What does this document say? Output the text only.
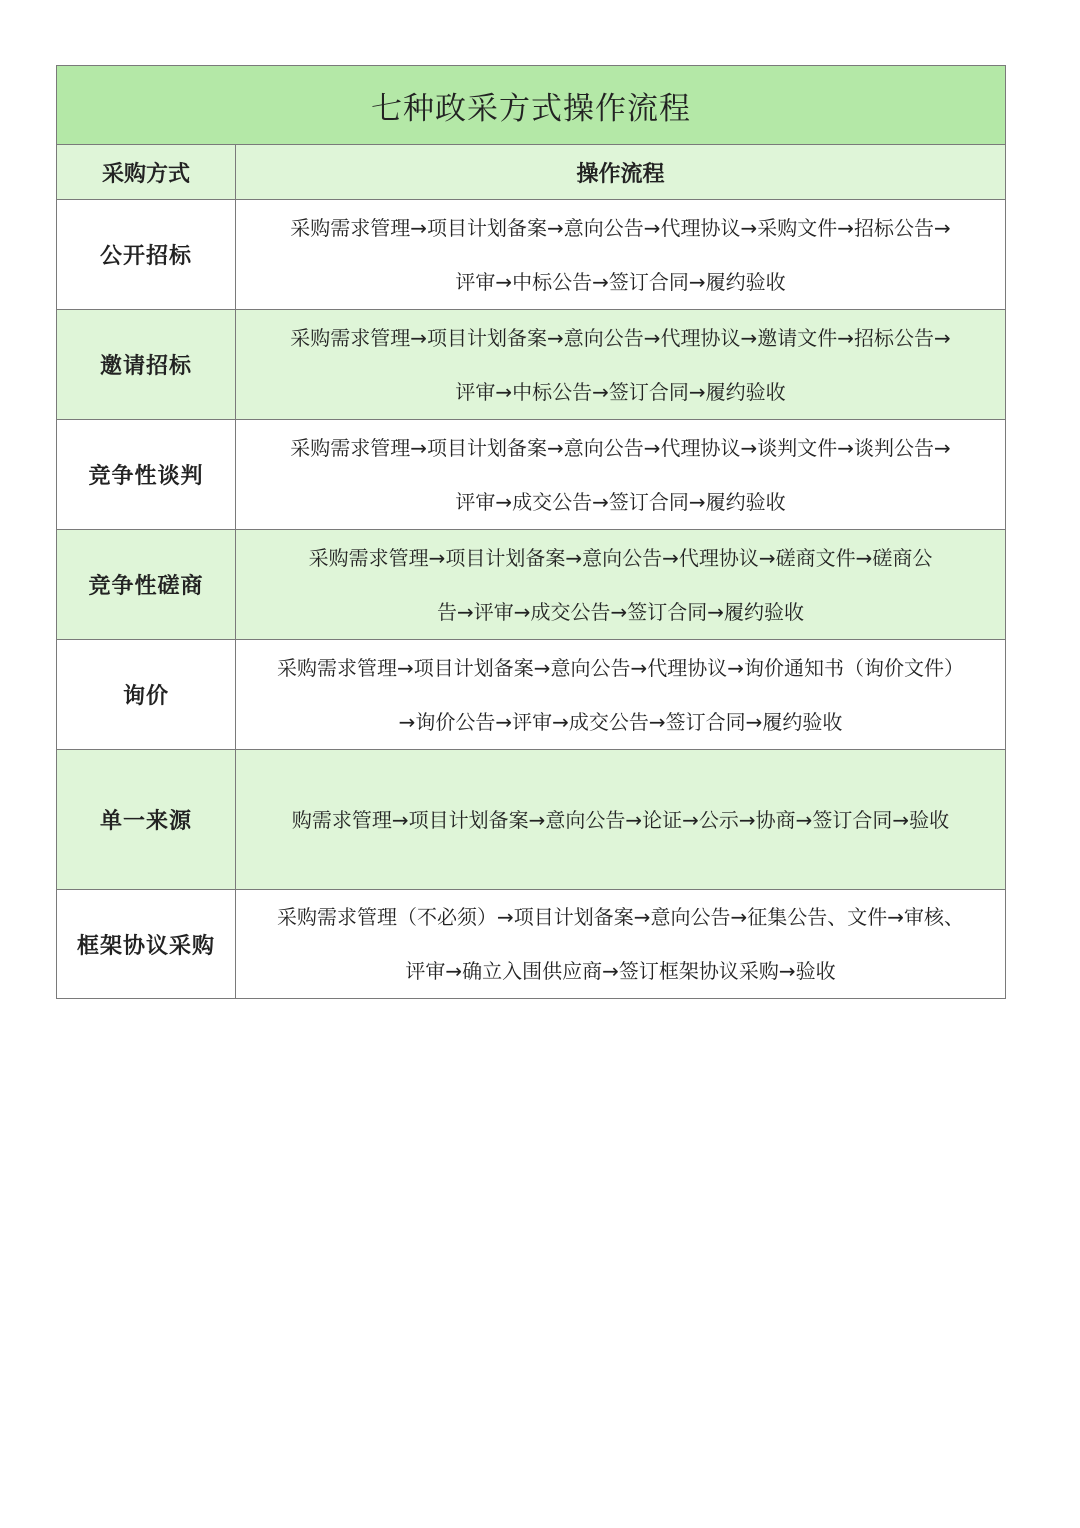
七种政采方式操作流程	
采购方式	操作流程
公开招标	采购需求管理→项目计划备案→意向公告→代理协议→采购文件→招标公告→
评审→中标公告→签订合同→履约验收

邀请招标	采购需求管理→项目计划备案→意向公告→代理协议→邀请文件→招标公告→
评审→中标公告→签订合同→履约验收

竞争性谈判	采购需求管理→项目计划备案→意向公告→代理协议→谈判文件→谈判公告→
评审→成交公告→签订合同→履约验收

竞争性磋商	采购需求管理→项目计划备案→意向公告→代理协议→磋商文件→磋商公
告→评审→成交公告→签订合同→履约验收

询价	采购需求管理→项目计划备案→意向公告→代理协议→询价通知书（询价文件）
→询价公告→评审→成交公告→签订合同→履约验收

单一来源	购需求管理→项目计划备案→意向公告→论证→公示→协商→签订合同→验收

框架协议采购	采购需求管理（不必须）→项目计划备案→意向公告→征集公告、文件→审核、
评审→确立入围供应商→签订框架协议采购→验收
